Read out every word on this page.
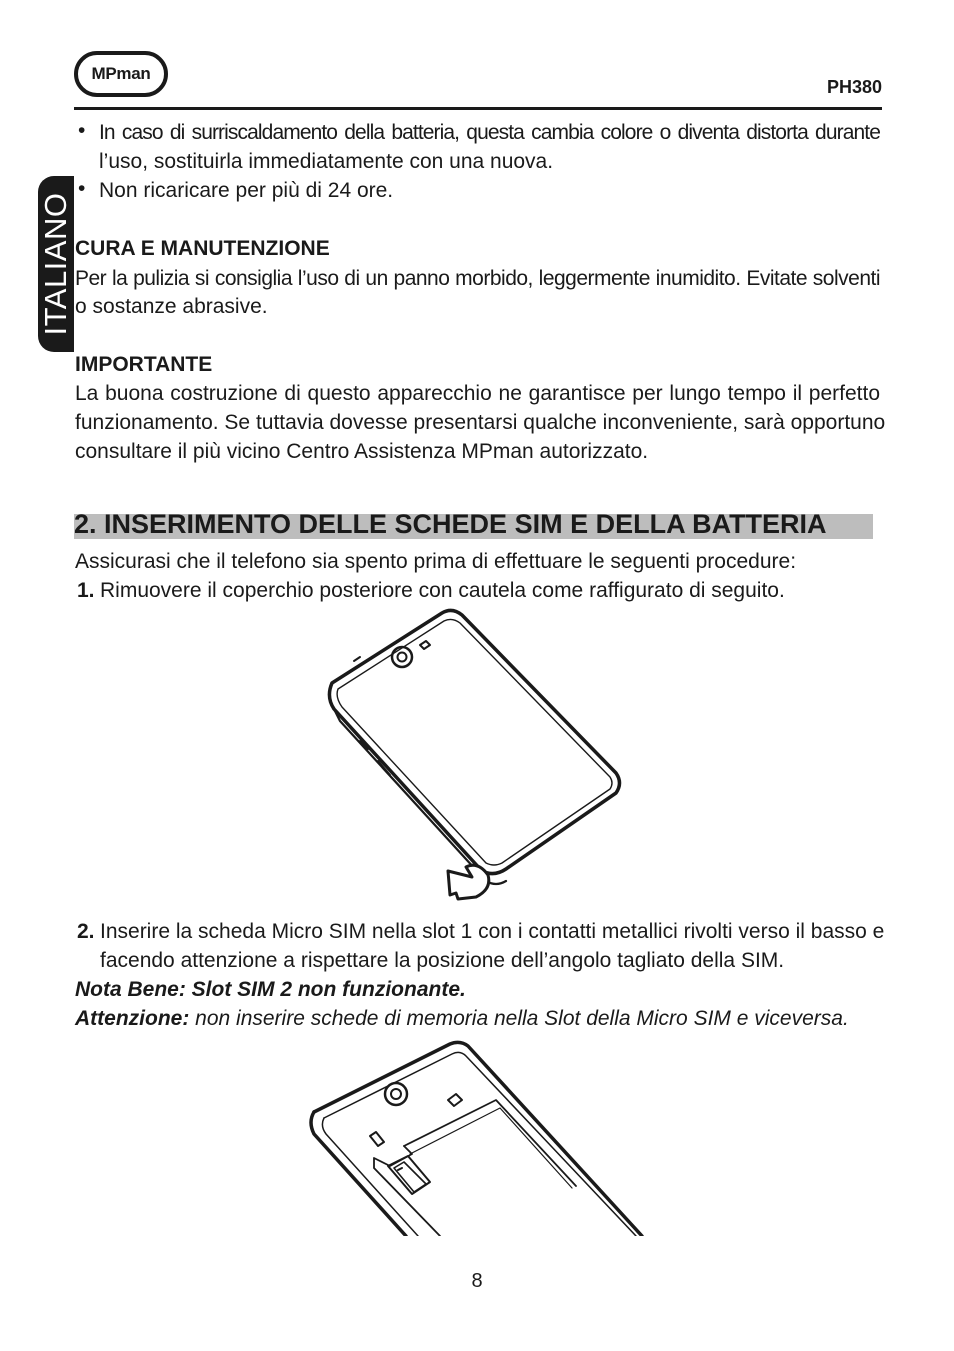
MPman
PH380
ITALIANO
• In caso di surriscaldamento della batteria, questa cambia colore o diventa distorta durante
l’uso, sostituirla immediatamente con una nuova.
• Non ricaricare per più di 24 ore.
CURA E MANUTENZIONE
Per la pulizia si consiglia l’uso di un panno morbido, leggermente inumidito. Evitate solventi
o sostanze abrasive.
IMPORTANTE
La buona costruzione di questo apparecchio ne garantisce per lungo tempo il perfetto
funzionamento. Se tuttavia dovesse presentarsi qualche inconveniente, sarà opportuno
consultare il più vicino Centro Assistenza MPman autorizzato.
2. INSERIMENTO DELLE SCHEDE SIM E DELLA BATTERIA
Assicurasi che il telefono sia spento prima di effettuare le seguenti procedure:
1. Rimuovere il coperchio posteriore con cautela come raffigurato di seguito.
2. Inserire la scheda Micro SIM nella slot 1 con i contatti metallici rivolti verso il basso e
facendo attenzione a rispettare la posizione dell’angolo tagliato della SIM.
Nota Bene: Slot SIM 2 non funzionante.
Attenzione: non inserire schede di memoria nella Slot della Micro SIM e viceversa.
8
